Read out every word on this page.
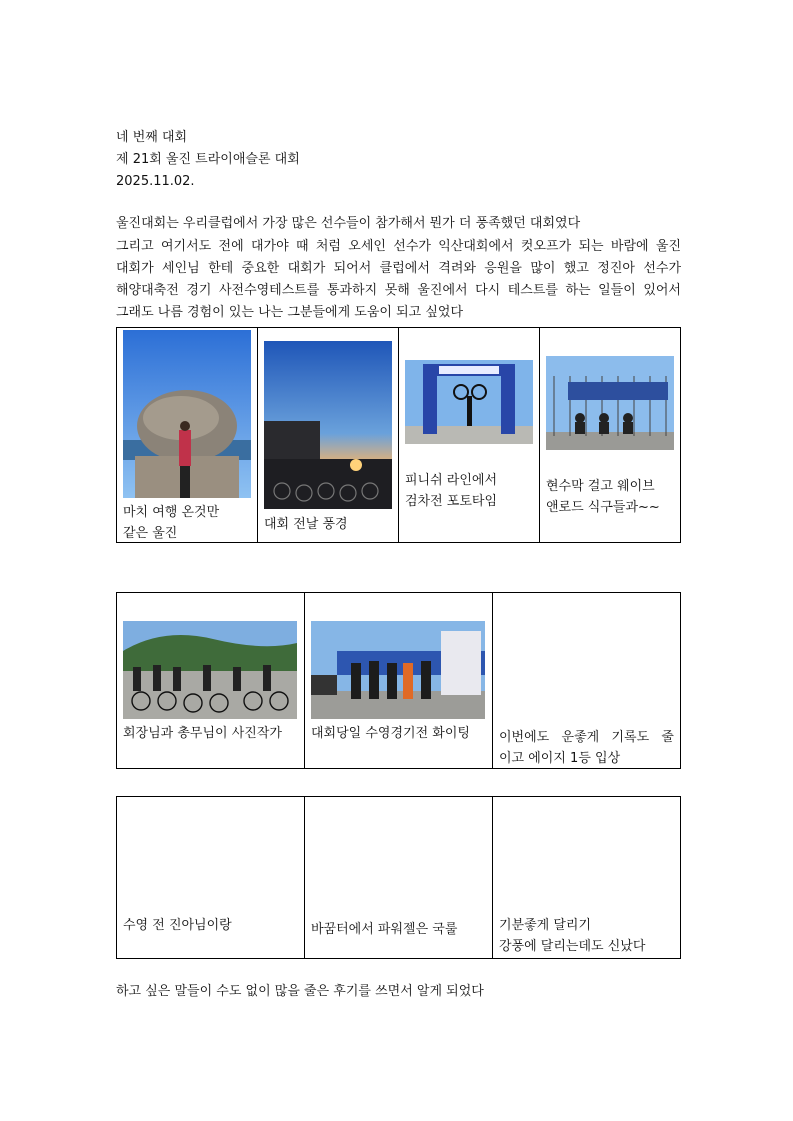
네 번째 대회
제 21회 울진 트라이애슬론 대회
2025.11.02.
울진대회는 우리클럽에서 가장 많은 선수들이 참가해서 뭔가 더 풍족했던 대회였다
그리고 여기서도 전에 대가야 때 처럼 오세인 선수가 익산대회에서 컷오프가 되는 바람에 울진 대회가 세인님 한테 중요한 대회가 되어서 클럽에서 격려와 응원을 많이 했고 정진아 선수가 해양대축전 경기 사전수영테스트를 통과하지 못해 울진에서 다시 테스트를 하는 일들이 있어서 그래도 나름 경험이 있는 나는 그분들에게 도움이 되고 싶었다
마치 여행 온것만
같은 울진

대회 전날 풍경

피니쉬 라인에서
검차전 포토타임

현수막 걸고 웨이브
앤로드 식구들과~~
회장님과 총무님이 사진작가	대회당일 수영경기전 화이팅	이번에도 운좋게 기록도 줄
이고 에이지 1등 입상
수영 전 진아님이랑	바꿈터에서 파워젤은 국룰	기분좋게 달리기
강풍에 달리는데도 신났다
하고 싶은 말들이 수도 없이 많을 줄은 후기를 쓰면서 알게 되었다
